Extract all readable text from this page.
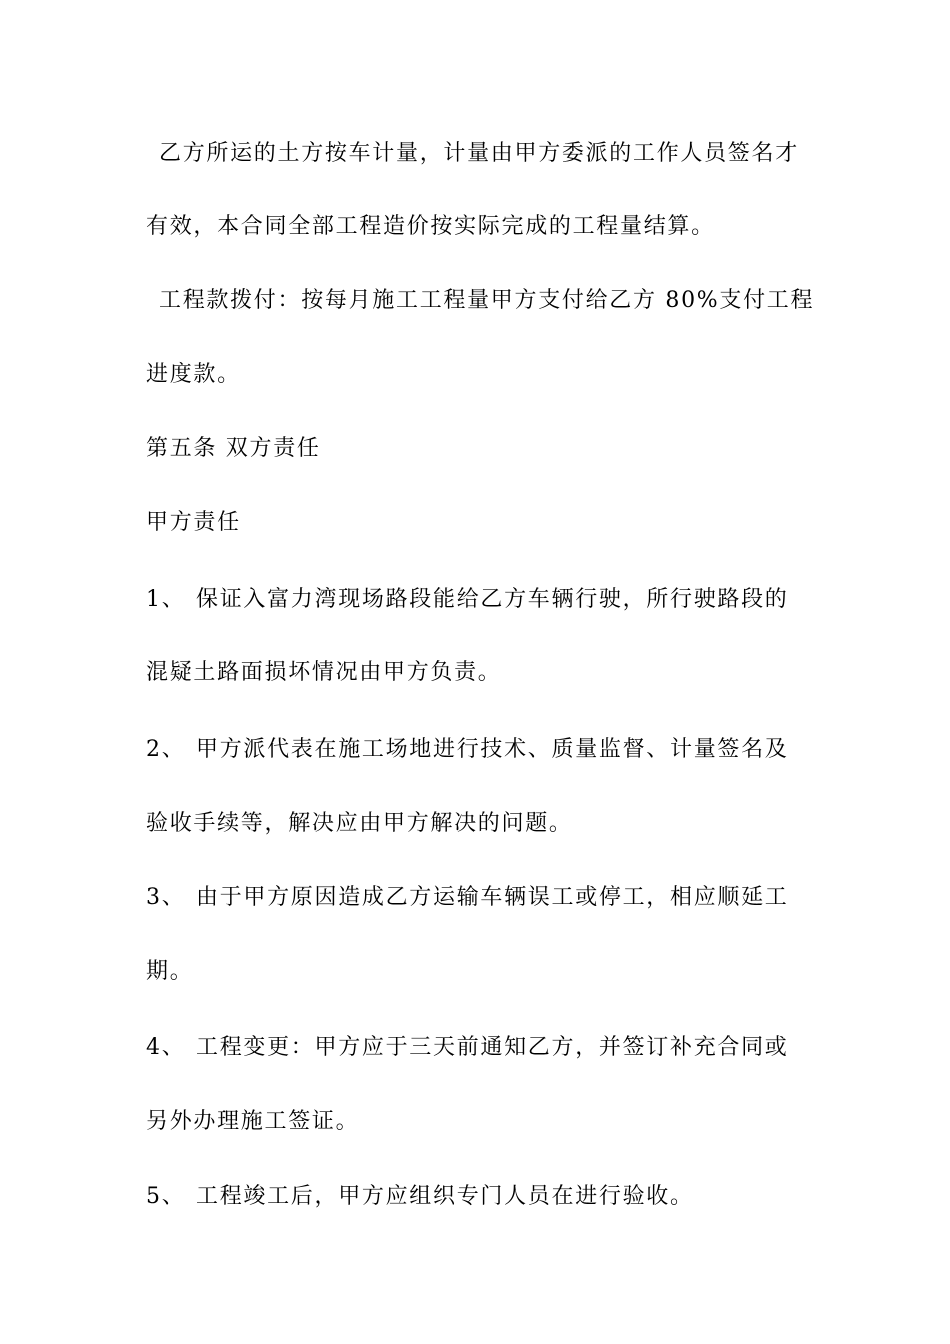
乙方所运的土方按车计量，计量由甲方委派的工作人员签名才
有效，本合同全部工程造价按实际完成的工程量结算。
工程款拨付：按每月施工工程量甲方支付给乙方 80%支付工程
进度款。
第五条 双方责任
甲方责任
1、 保证入富力湾现场路段能给乙方车辆行驶，所行驶路段的
混疑土路面损坏情况由甲方负责。
2、 甲方派代表在施工场地进行技术、质量监督、计量签名及
验收手续等，解决应由甲方解决的问题。
3、 由于甲方原因造成乙方运输车辆误工或停工，相应顺延工
期。
4、 工程变更：甲方应于三天前通知乙方，并签订补充合同或
另外办理施工签证。
5、 工程竣工后，甲方应组织专门人员在进行验收。
